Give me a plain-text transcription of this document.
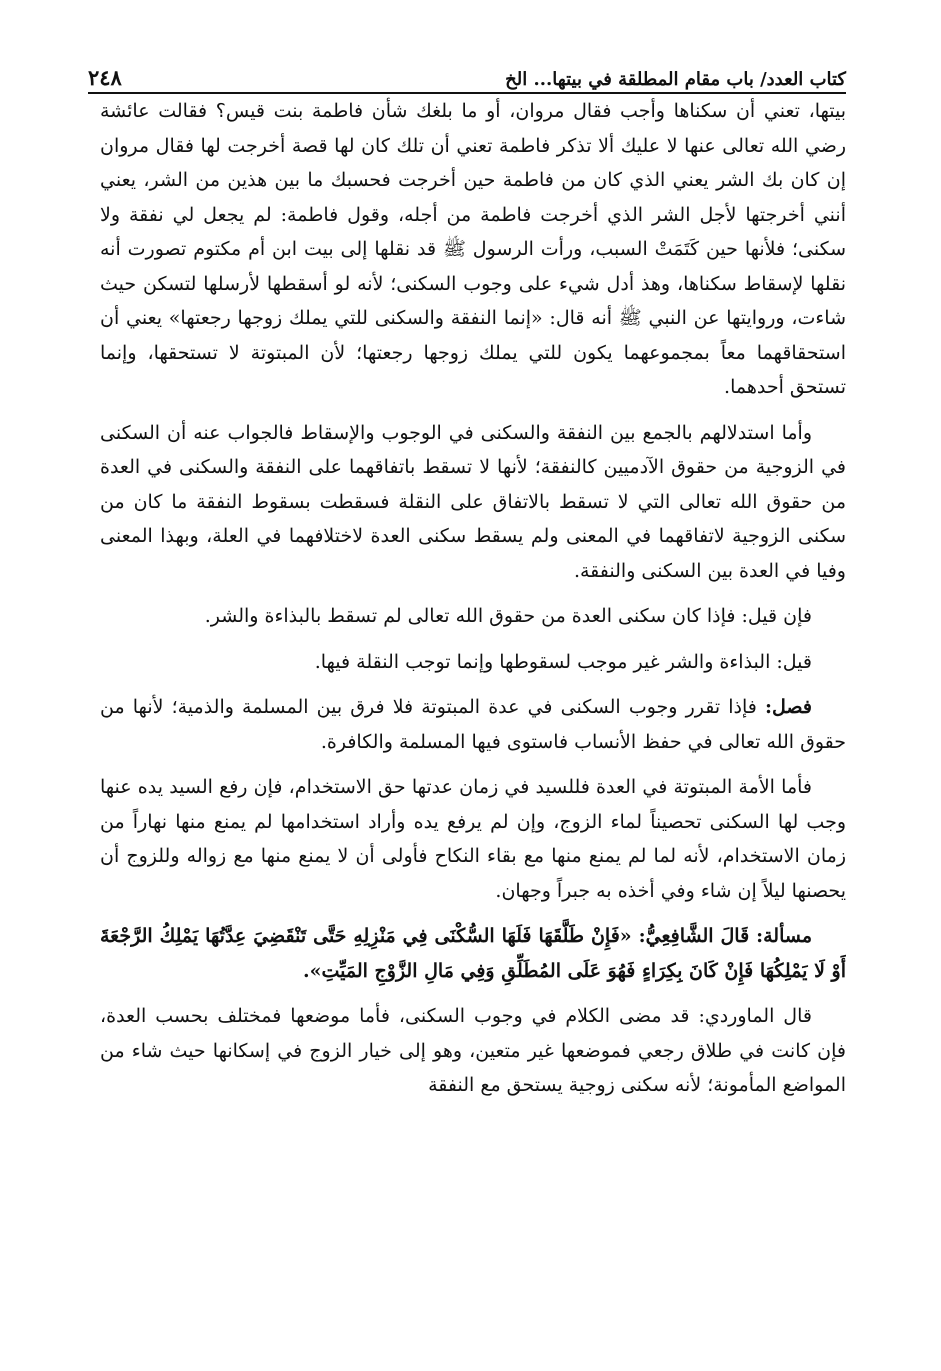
كتاب العدد/ باب مقام المطلقة في بيتها... الخ
٢٤٨

بيتها، تعني أن سكناها وأجب فقال مروان، أو ما بلغك شأن فاطمة بنت قيس؟ فقالت عائشة رضي الله تعالى عنها لا عليك ألا تذكر فاطمة تعني أن تلك كان لها قصة أخرجت لها فقال مروان إن كان بك الشر يعني الذي كان من فاطمة حين أخرجت فحسبك ما بين هذين من الشر، يعني أنني أخرجتها لأجل الشر الذي أخرجت فاطمة من أجله، وقول فاطمة: لم يجعل لي نفقة ولا سكنى؛ فلأنها حين كَتَمَتْ السبب، ورأت الرسول ﷺ قد نقلها إلى بيت ابن أم مكتوم تصورت أنه نقلها لإسقاط سكناها، وهذ أدل شيء على وجوب السكنى؛ لأنه لو أسقطها لأرسلها لتسكن حيث شاءت، وروايتها عن النبي ﷺ أنه قال: «إنما النفقة والسكنى للتي يملك زوجها رجعتها» يعني أن استحقاقهما معاً بمجموعهما يكون للتي يملك زوجها رجعتها؛ لأن المبتوتة لا تستحقها، وإنما تستحق أحدهما.

وأما استدلالهم بالجمع بين النفقة والسكنى في الوجوب والإسقاط فالجواب عنه أن السكنى في الزوجية من حقوق الآدميين كالنفقة؛ لأنها لا تسقط باتفاقهما على النفقة والسكنى في العدة من حقوق الله تعالى التي لا تسقط بالاتفاق على النقلة فسقطت بسقوط النفقة ما كان من سكنى الزوجية لاتفاقهما في المعنى ولم يسقط سكنى العدة لاختلافهما في العلة، وبهذا المعنى وفيا في العدة بين السكنى والنفقة.

فإن قيل: فإذا كان سكنى العدة من حقوق الله تعالى لم تسقط بالبذاءة والشر.

قيل: البذاءة والشر غير موجب لسقوطها وإنما توجب النقلة فيها.

فصل: فإذا تقرر وجوب السكنى في عدة المبتوتة فلا فرق بين المسلمة والذمية؛ لأنها من حقوق الله تعالى في حفظ الأنساب فاستوى فيها المسلمة والكافرة.

فأما الأمة المبتوتة في العدة فللسيد في زمان عدتها حق الاستخدام، فإن رفع السيد يده عنها وجب لها السكنى تحصيناً لماء الزوج، وإن لم يرفع يده وأراد استخدامها لم يمنع منها نهاراً من زمان الاستخدام، لأنه لما لم يمنع منها مع بقاء النكاح فأولى أن لا يمنع منها مع زواله وللزوج أن يحصنها ليلاً إن شاء وفي أخذه به جبراً وجهان.

مسألة: قَالَ الشَّافِعِيُّ: «فَإِنْ طَلَّقَهَا فَلَهَا السُّكْنَى فِي مَنْزِلِهِ حَتَّى تَنْقَضِيَ عِدَّتُهَا يَمْلِكُ الرَّجْعَةَ أَوْ لَا يَمْلِكُهَا فَإِنْ كَانَ بِكِرَاءٍ فَهُوَ عَلَى المُطَلِّقِ وَفِي مَالِ الزَّوْجِ المَيِّتِ».

قال الماوردي: قد مضى الكلام في وجوب السكنى، فأما موضعها فمختلف بحسب العدة، فإن كانت في طلاق رجعي فموضعها غير متعين، وهو إلى خيار الزوج في إسكانها حيث شاء من المواضع المأمونة؛ لأنه سكنى زوجية يستحق مع النفقة
